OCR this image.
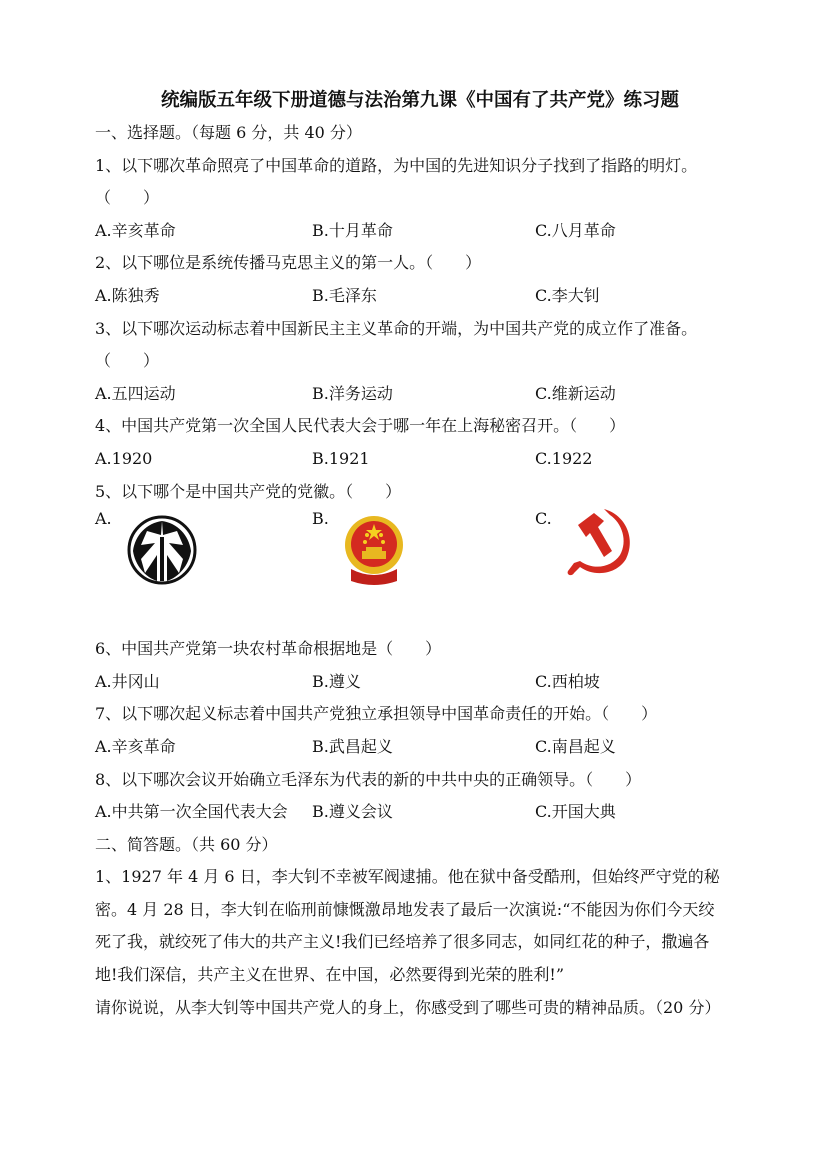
统编版五年级下册道德与法治第九课《中国有了共产党》练习题
一、选择题。（每题 6 分，共 40 分）
1、以下哪次革命照亮了中国革命的道路，为中国的先进知识分子找到了指路的明灯。
（　　）
A.辛亥革命	B.十月革命	C.八月革命
2、以下哪位是系统传播马克思主义的第一人。（　　）
A.陈独秀	B.毛泽东	C.李大钊
3、以下哪次运动标志着中国新民主主义革命的开端，为中国共产党的成立作了准备。
（　　）
A.五四运动	B.洋务运动	C.维新运动
4、中国共产党第一次全国人民代表大会于哪一年在上海秘密召开。（　　）
A.1920	B.1921	C.1922
5、以下哪个是中国共产党的党徽。（　　）
A.	B.	C.
6、中国共产党第一块农村革命根据地是（　　）
A.井冈山	B.遵义	C.西柏坡
7、以下哪次起义标志着中国共产党独立承担领导中国革命责任的开始。（　　）
A.辛亥革命	B.武昌起义	C.南昌起义
8、以下哪次会议开始确立毛泽东为代表的新的中共中央的正确领导。（　　）
A.中共第一次全国代表大会	B.遵义会议	C.开国大典
二、简答题。（共 60 分）
1、1927 年 4 月 6 日，李大钊不幸被军阀逮捕。他在狱中备受酷刑，但始终严守党的秘
密。4 月 28 日，李大钊在临刑前慷慨激昂地发表了最后一次演说:“不能因为你们今天绞
死了我，就绞死了伟大的共产主义!我们已经培养了很多同志，如同红花的种子，撒遍各
地!我们深信，共产主义在世界、在中国，必然要得到光荣的胜利!”
请你说说，从李大钊等中国共产党人的身上，你感受到了哪些可贵的精神品质。（20 分）
